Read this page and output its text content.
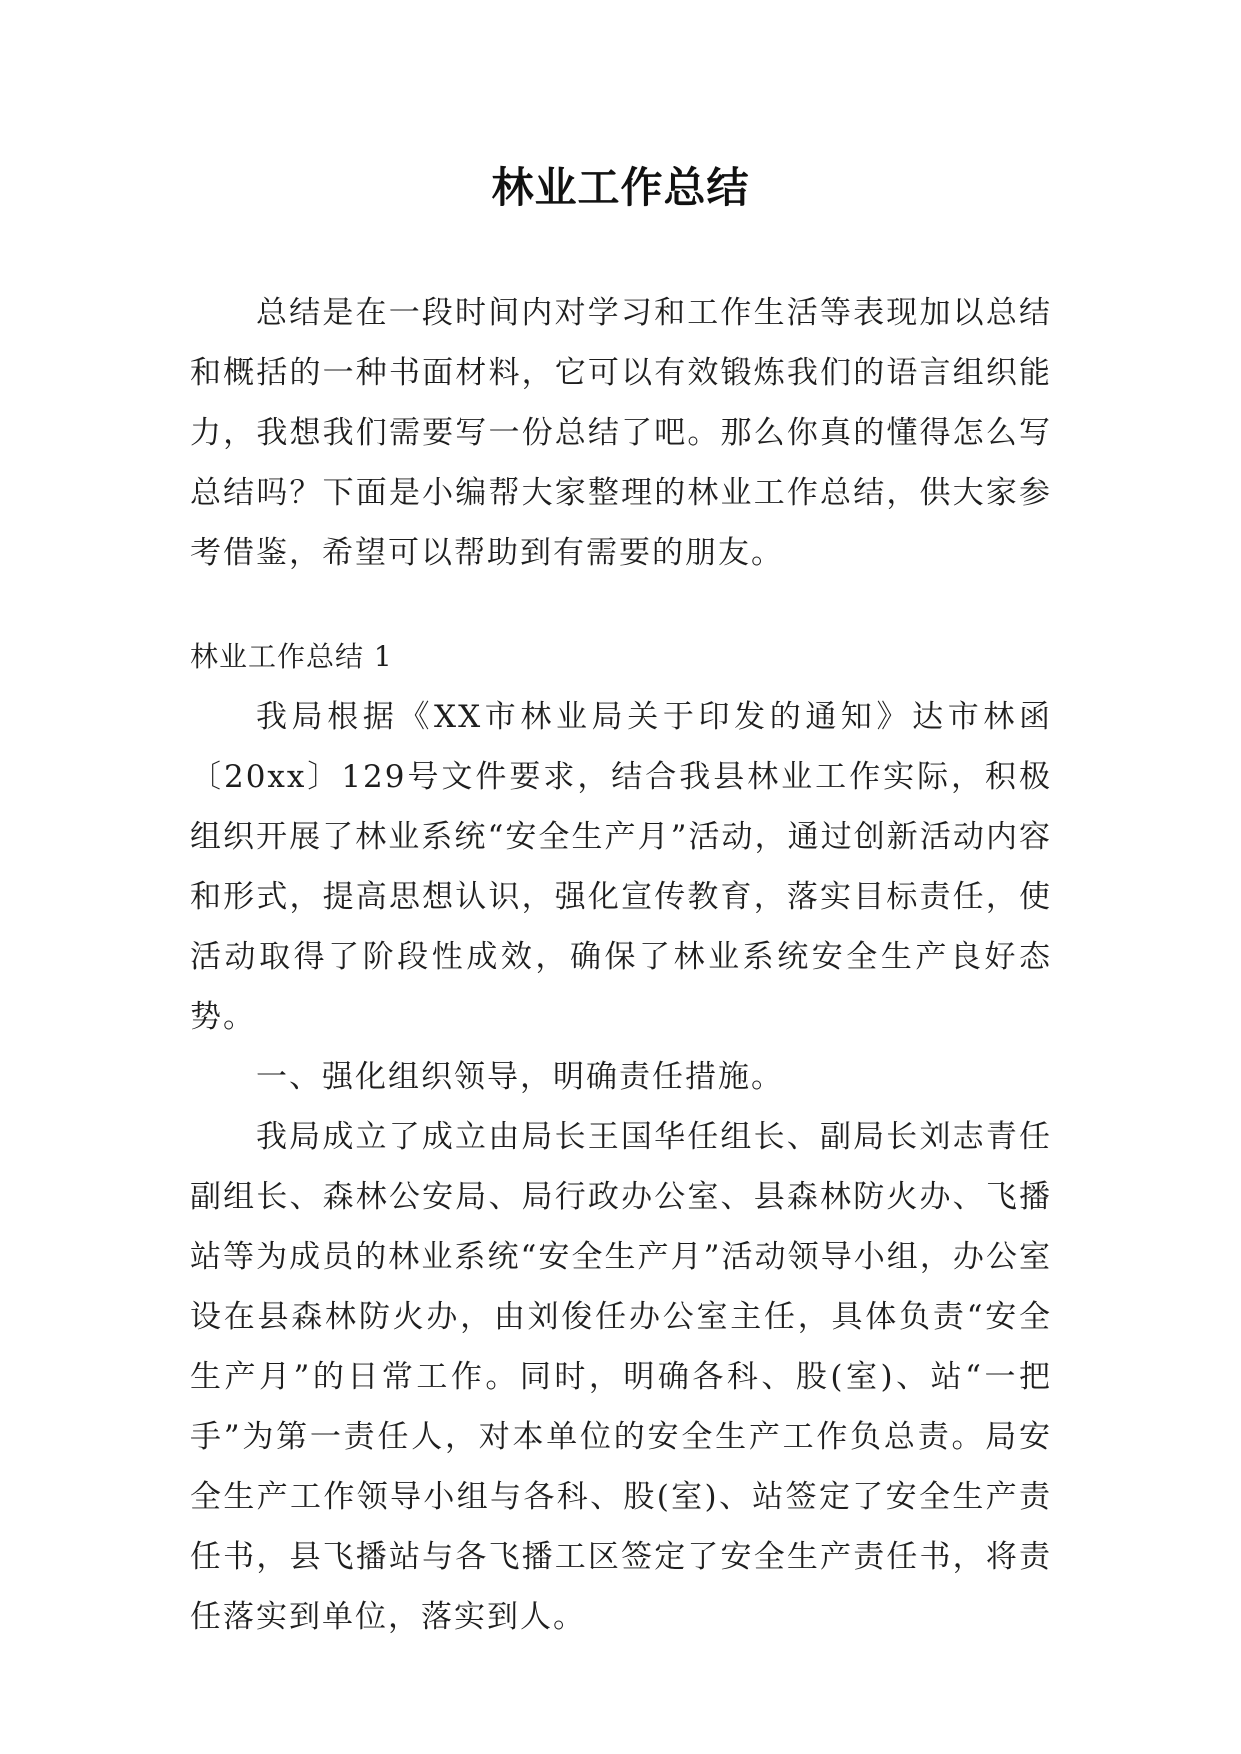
林业工作总结

总结是在一段时间内对学习和工作生活等表现加以总结和概括的一种书面材料，它可以有效锻炼我们的语言组织能力，我想我们需要写一份总结了吧。那么你真的懂得怎么写总结吗？下面是小编帮大家整理的林业工作总结，供大家参考借鉴，希望可以帮助到有需要的朋友。

林业工作总结 1

我局根据《XX市林业局关于印发的通知》达市林函〔20xx〕129号文件要求，结合我县林业工作实际，积极组织开展了林业系统“安全生产月”活动，通过创新活动内容和形式，提高思想认识，强化宣传教育，落实目标责任，使活动取得了阶段性成效，确保了林业系统安全生产良好态势。

一、强化组织领导，明确责任措施。

我局成立了成立由局长王国华任组长、副局长刘志青任副组长、森林公安局、局行政办公室、县森林防火办、飞播站等为成员的林业系统“安全生产月”活动领导小组，办公室设在县森林防火办，由刘俊任办公室主任，具体负责“安全生产月”的日常工作。同时，明确各科、股(室)、站“一把手”为第一责任人，对本单位的安全生产工作负总责。局安全生产工作领导小组与各科、股(室)、站签定了安全生产责任书，县飞播站与各飞播工区签定了安全生产责任书，将责任落实到单位，落实到人。
